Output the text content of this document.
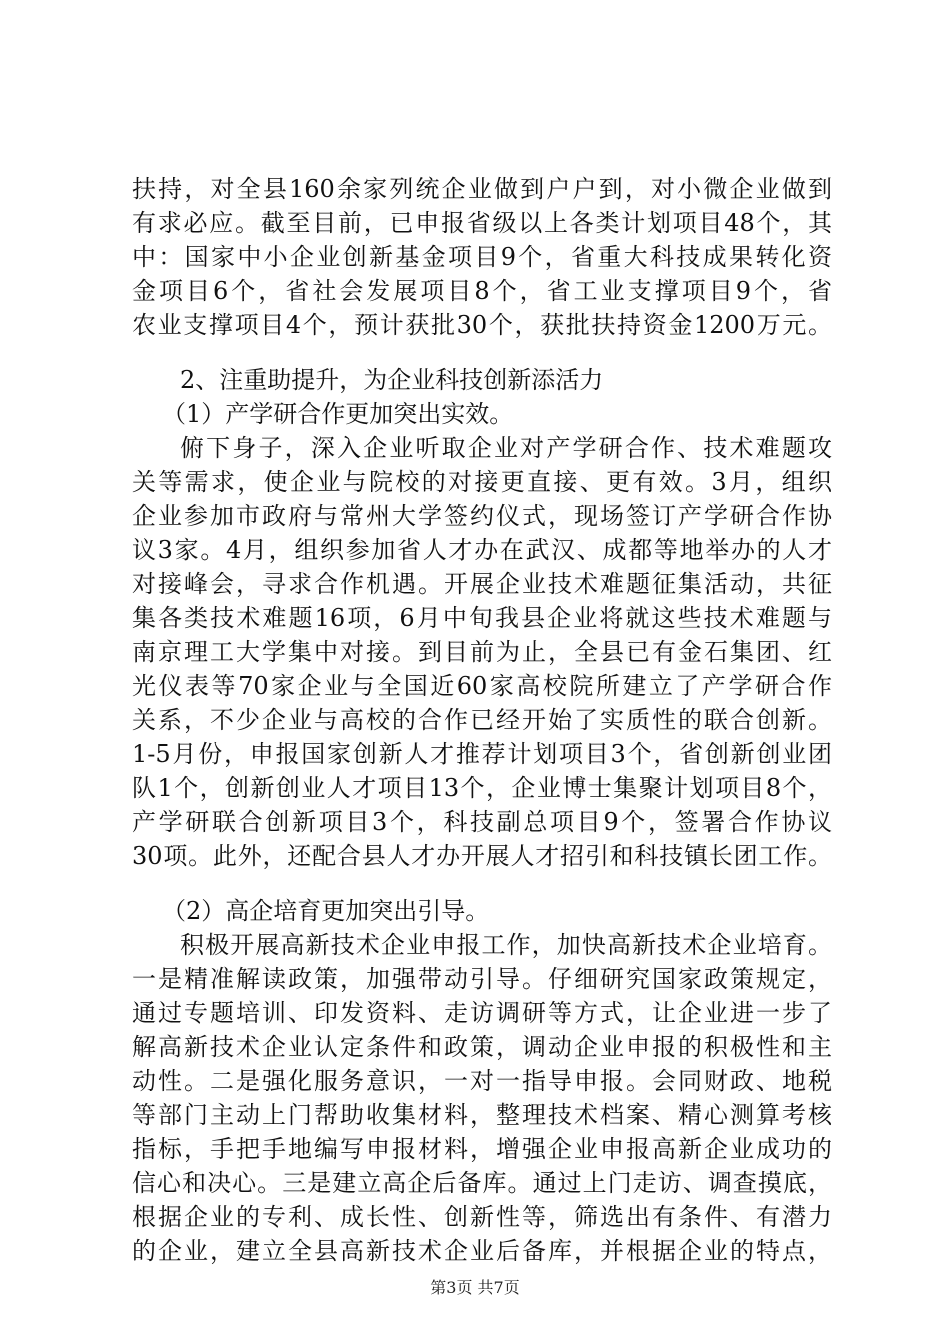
扶持，对全县160余家列统企业做到户户到，对小微企业做到
有求必应。截至目前，已申报省级以上各类计划项目48个，其
中：国家中小企业创新基金项目9个，省重大科技成果转化资
金项目6个，省社会发展项目8个，省工业支撑项目9个，省
农业支撑项目4个，预计获批30个，获批扶持资金1200万元。
2、注重助提升，为企业科技创新添活力
（1）产学研合作更加突出实效。
俯下身子，深入企业听取企业对产学研合作、技术难题攻
关等需求，使企业与院校的对接更直接、更有效。3月，组织
企业参加市政府与常州大学签约仪式，现场签订产学研合作协
议3家。4月，组织参加省人才办在武汉、成都等地举办的人才
对接峰会，寻求合作机遇。开展企业技术难题征集活动，共征
集各类技术难题16项，6月中旬我县企业将就这些技术难题与
南京理工大学集中对接。到目前为止，全县已有金石集团、红
光仪表等70家企业与全国近60家高校院所建立了产学研合作
关系，不少企业与高校的合作已经开始了实质性的联合创新。
1-5月份，申报国家创新人才推荐计划项目3个，省创新创业团
队1个，创新创业人才项目13个，企业博士集聚计划项目8个，
产学研联合创新项目3个，科技副总项目9个，签署合作协议
30项。此外，还配合县人才办开展人才招引和科技镇长团工作。
（2）高企培育更加突出引导。
积极开展高新技术企业申报工作，加快高新技术企业培育。
一是精准解读政策，加强带动引导。仔细研究国家政策规定，
通过专题培训、印发资料、走访调研等方式，让企业进一步了
解高新技术企业认定条件和政策，调动企业申报的积极性和主
动性。二是强化服务意识，一对一指导申报。会同财政、地税
等部门主动上门帮助收集材料，整理技术档案、精心测算考核
指标，手把手地编写申报材料，增强企业申报高新企业成功的
信心和决心。三是建立高企后备库。通过上门走访、调查摸底，
根据企业的专利、成长性、创新性等，筛选出有条件、有潜力
的企业，建立全县高新技术企业后备库，并根据企业的特点，
第3页 共7页
